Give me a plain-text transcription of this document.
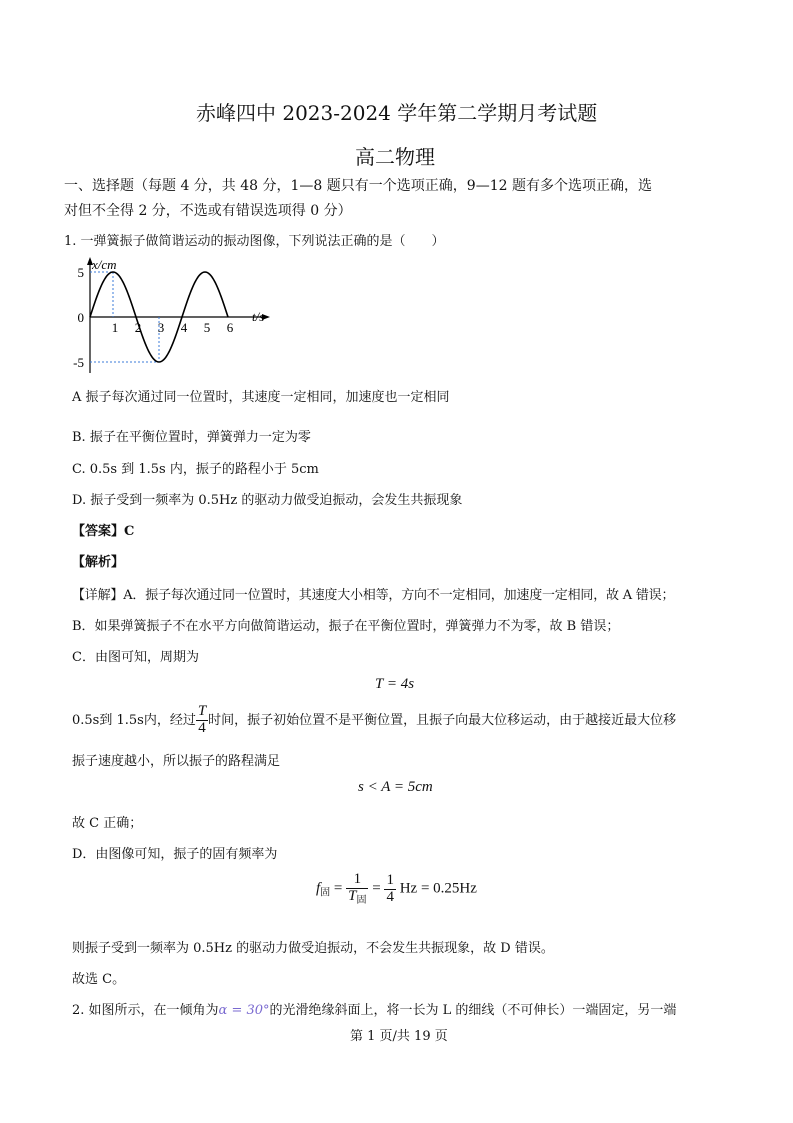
赤峰四中 2023-2024 学年第二学期月考试题
高二物理
一、选择题（每题 4 分，共 48 分，1—8 题只有一个选项正确，9—12 题有多个选项正确，选
对但不全得 2 分，不选或有错误选项得 0 分）
1. 一弹簧振子做简谐运动的振动图像，下列说法正确的是（　　）
x/cm
t/s
5
0
-5
1 2 3 4 5 6
A 振子每次通过同一位置时，其速度一定相同，加速度也一定相同
B. 振子在平衡位置时，弹簧弹力一定为零
C. 0.5s 到 1.5s 内，振子的路程小于 5cm
D. 振子受到一频率为 0.5Hz 的驱动力做受迫振动，会发生共振现象
【答案】C
【解析】
【详解】A．振子每次通过同一位置时，其速度大小相等，方向不一定相同，加速度一定相同，故 A 错误；
B．如果弹簧振子不在水平方向做简谐运动，振子在平衡位置时，弹簧弹力不为零，故 B 错误；
C．由图可知，周期为
T = 4s
0.5s到 1.5s内，经过 $\frac{T}{4}$ 时间，振子初始位置不是平衡位置，且振子向最大位移运动，由于越接近最大位移
振子速度越小，所以振子的路程满足
s < A = 5cm
故 C 正确；
D．由图像可知，振子的固有频率为
$f_固 = \frac{1}{T_固} = \frac{1}{4}$ Hz = 0.25Hz
则振子受到一频率为 0.5Hz 的驱动力做受迫振动，不会发生共振现象，故 D 错误。
故选 C。
2. 如图所示，在一倾角为α = 30°的光滑绝缘斜面上，将一长为 L 的细线（不可伸长）一端固定，另一端
第 1 页/共 19 页
